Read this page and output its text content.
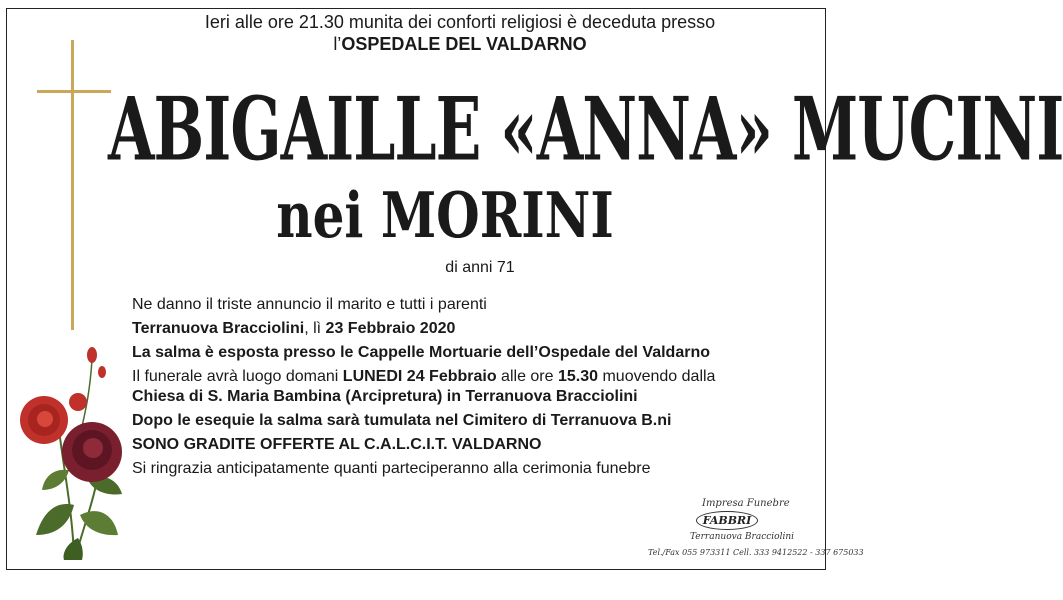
Ieri alle ore 21.30 munita dei conforti religiosi è deceduta presso
l’OSPEDALE DEL VALDARNO
ABIGAILLE «ANNA» MUCINI
nei MORINI
di anni 71
Ne danno il triste annuncio il marito e tutti i parenti
Terranuova Bracciolini, lì 23 Febbraio 2020
La salma è esposta presso le Cappelle Mortuarie dell’Ospedale del Valdarno
Il funerale avrà luogo domani LUNEDI 24 Febbraio alle ore 15.30 muovendo dalla
Chiesa di S. Maria Bambina (Arcipretura) in Terranuova Bracciolini
Dopo le esequie la salma sarà tumulata nel Cimitero di Terranuova B.ni
SONO GRADITE OFFERTE AL C.A.L.C.I.T. VALDARNO
Si ringrazia anticipatamente quanti parteciperanno alla cerimonia funebre
Impresa Funebre
FABBRI
Terranuova Bracciolini
Tel./Fax 055 973311 Cell. 333 9412522 - 337 675033
